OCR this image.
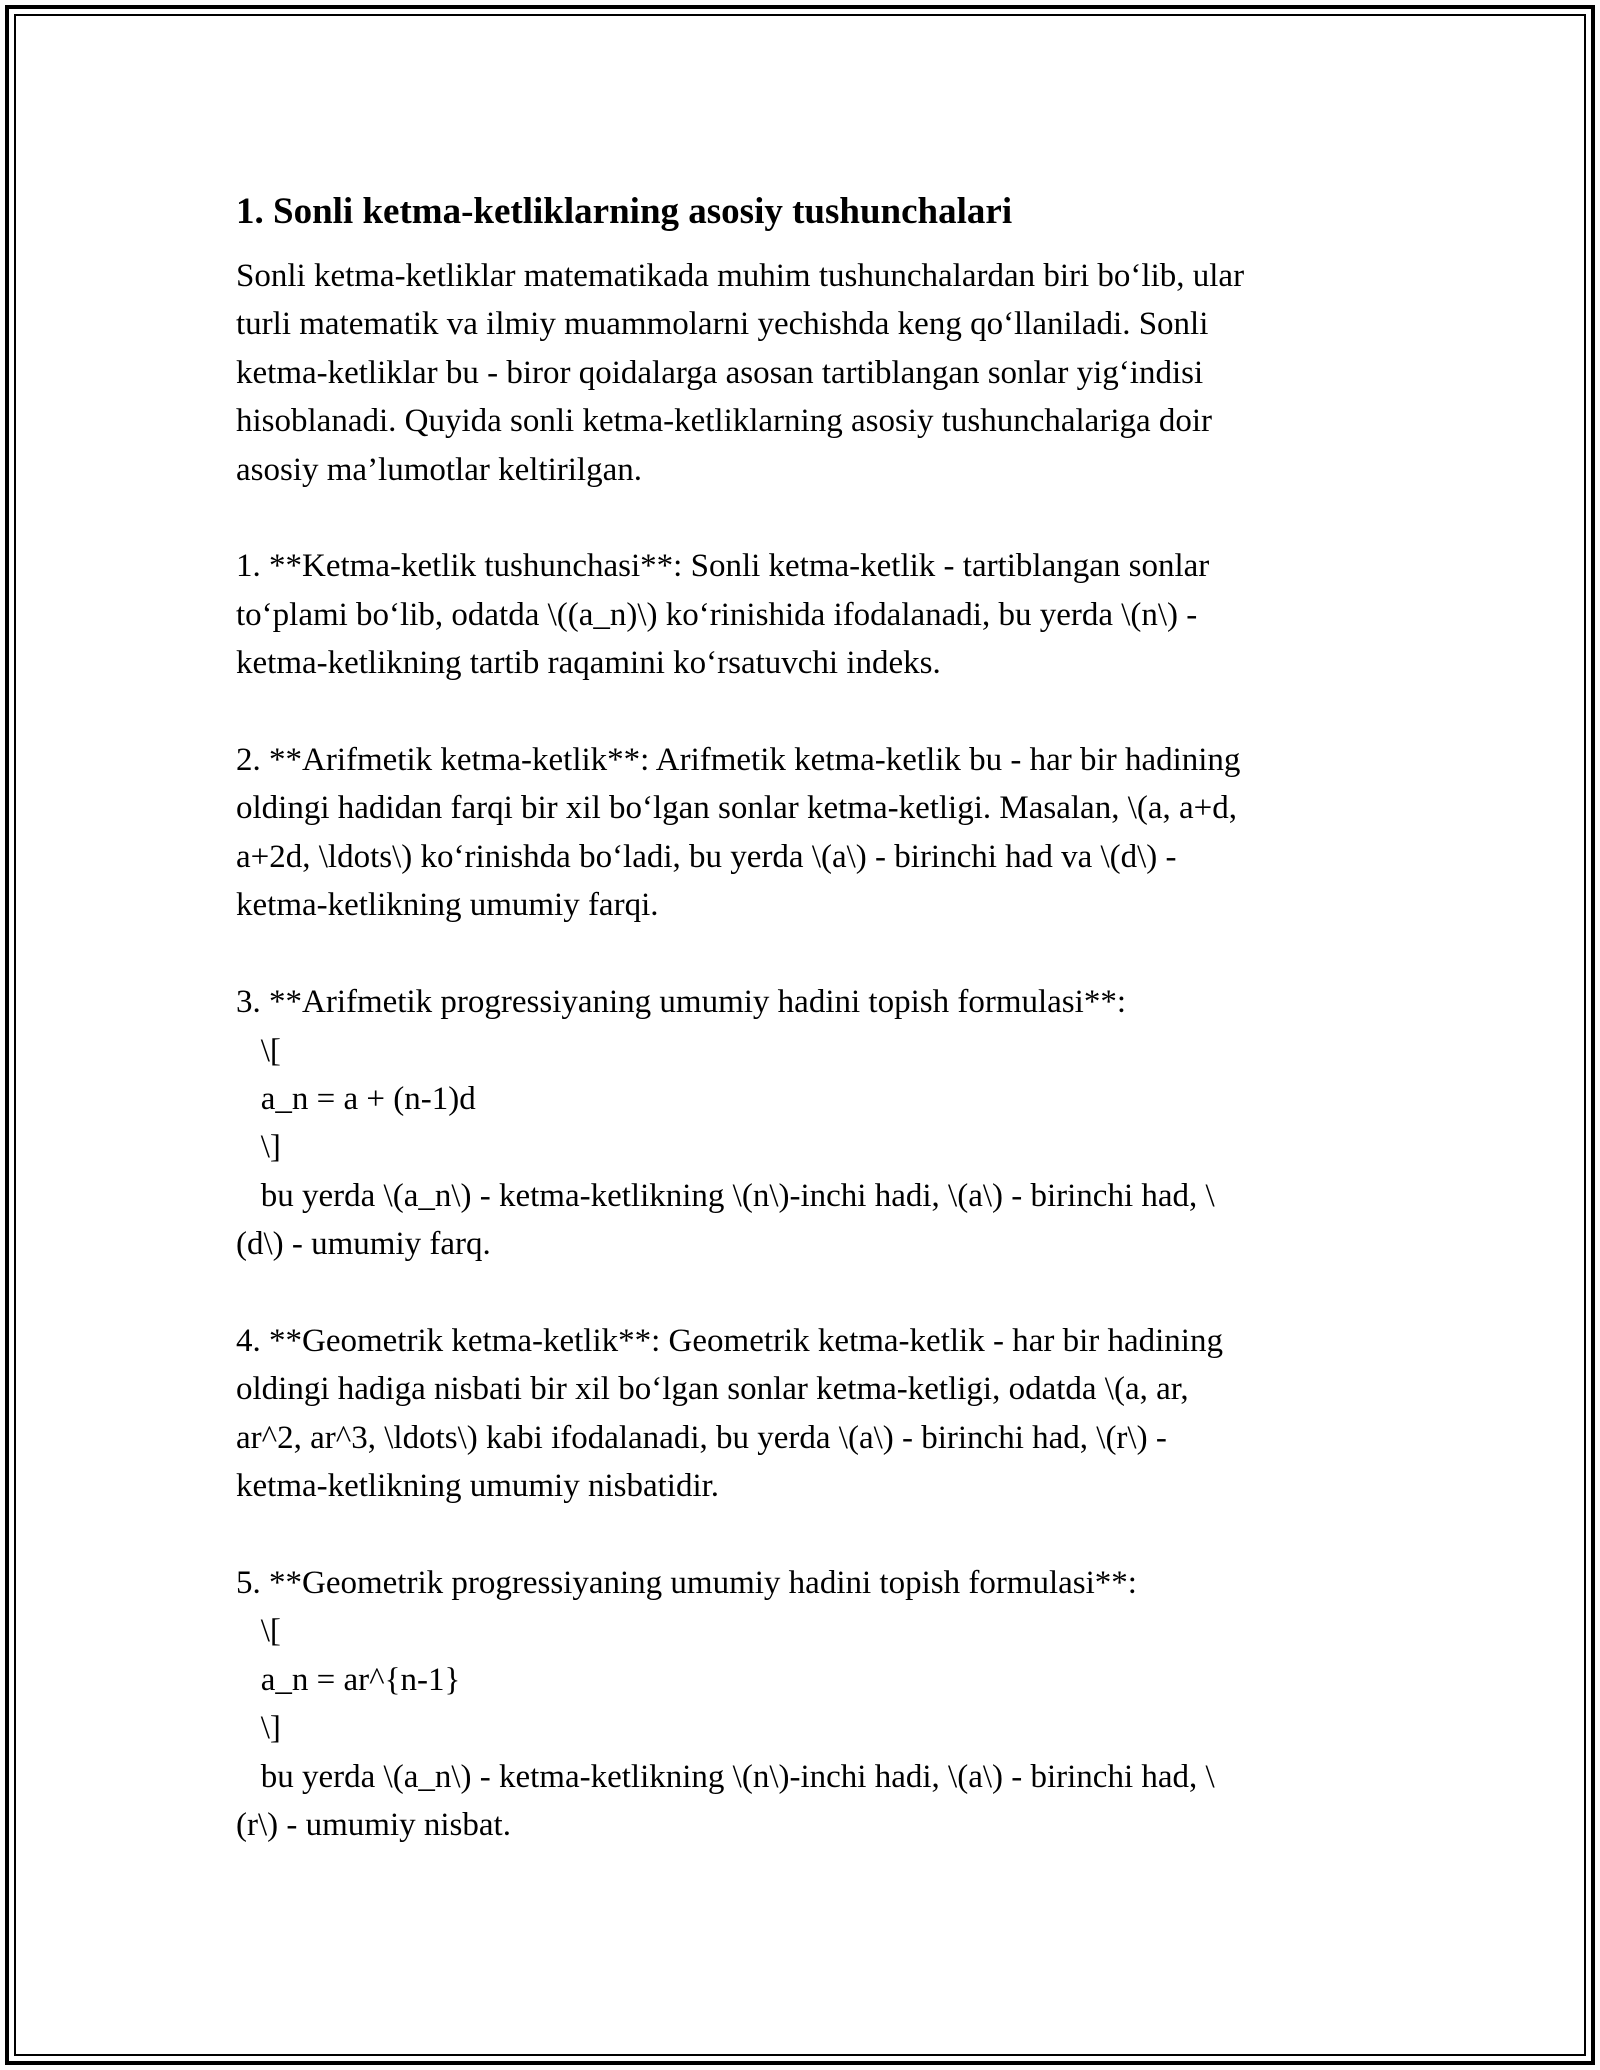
1. Sonli ketma-ketliklarning asosiy tushunchalari

Sonli ketma-ketliklar matematikada muhim tushunchalardan biri bo‘lib, ular
turli matematik va ilmiy muammolarni yechishda keng qo‘llaniladi. Sonli
ketma-ketliklar bu - biror qoidalarga asosan tartiblangan sonlar yig‘indisi
hisoblanadi. Quyida sonli ketma-ketliklarning asosiy tushunchalariga doir
asosiy ma’lumotlar keltirilgan.

1. **Ketma-ketlik tushunchasi**: Sonli ketma-ketlik - tartiblangan sonlar
to‘plami bo‘lib, odatda \((a_n)\) ko‘rinishida ifodalanadi, bu yerda \(n\) -
ketma-ketlikning tartib raqamini ko‘rsatuvchi indeks.

2. **Arifmetik ketma-ketlik**: Arifmetik ketma-ketlik bu - har bir hadining
oldingi hadidan farqi bir xil bo‘lgan sonlar ketma-ketligi. Masalan, \(a, a+d,
a+2d, \ldots\) ko‘rinishda bo‘ladi, bu yerda \(a\) - birinchi had va \(d\) -
ketma-ketlikning umumiy farqi.

3. **Arifmetik progressiyaning umumiy hadini topish formulasi**:
\[
a_n = a + (n-1)d
\]
bu yerda \(a_n\) - ketma-ketlikning \(n\)-inchi hadi, \(a\) - birinchi had, \
(d\) - umumiy farq.

4. **Geometrik ketma-ketlik**: Geometrik ketma-ketlik - har bir hadining
oldingi hadiga nisbati bir xil bo‘lgan sonlar ketma-ketligi, odatda \(a, ar,
ar^2, ar^3, \ldots\) kabi ifodalanadi, bu yerda \(a\) - birinchi had, \(r\) -
ketma-ketlikning umumiy nisbatidir.

5. **Geometrik progressiyaning umumiy hadini topish formulasi**:
\[
a_n = ar^{n-1}
\]
bu yerda \(a_n\) - ketma-ketlikning \(n\)-inchi hadi, \(a\) - birinchi had, \
(r\) - umumiy nisbat.
